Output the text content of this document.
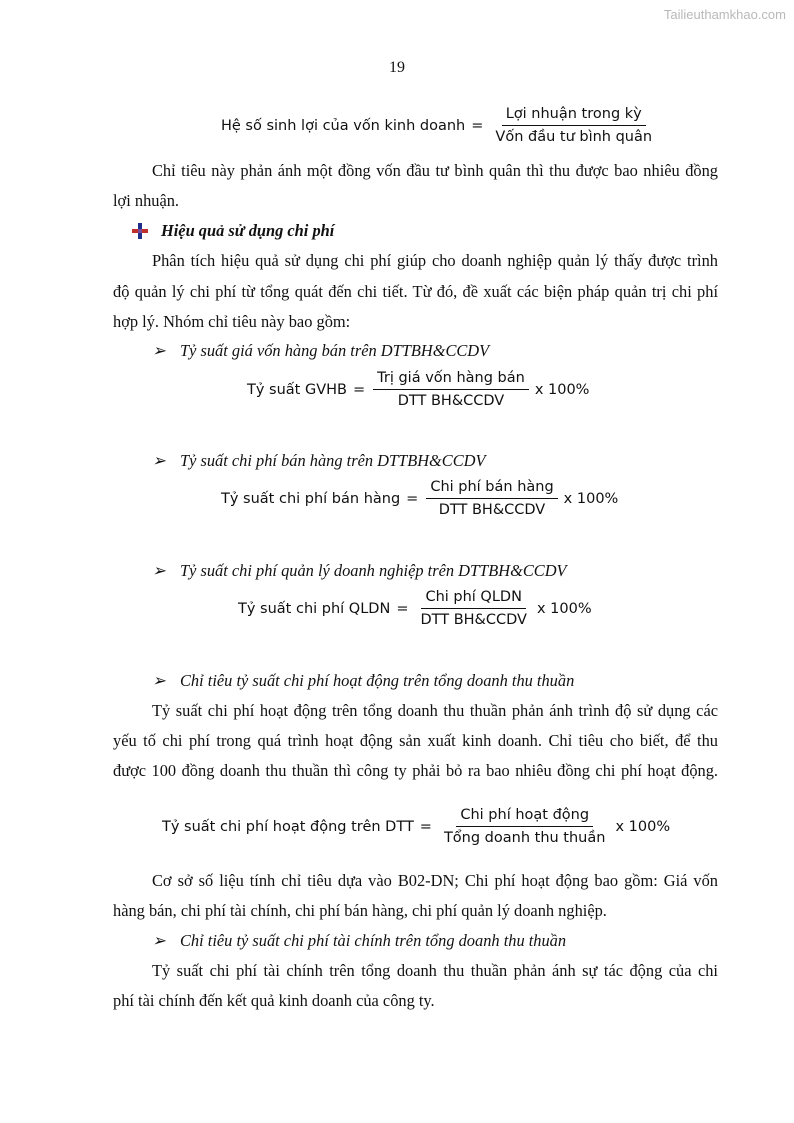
Tailieuthamkhao.com
19
Hệ số sinh lợi của vốn kinh doanh = $\frac{\text{Lợi nhuận trong kỳ}}{\text{Vốn đầu tư bình quân}}$
Chỉ tiêu này phản ánh một đồng vốn đầu tư bình quân thì thu được bao nhiêu đồng
lợi nhuận.
Hiệu quả sử dụng chi phí
Phân tích hiệu quả sử dụng chi phí giúp cho doanh nghiệp quản lý thấy được trình
độ quản lý chi phí từ tổng quát đến chi tiết. Từ đó, đề xuất các biện pháp quản trị chi phí
hợp lý. Nhóm chỉ tiêu này bao gồm:
➢ Tỷ suất giá vốn hàng bán trên DTTBH&CCDV
Tỷ suất GVHB = $\frac{\text{Trị giá vốn hàng bán}}{\text{DTT BH\&CCDV}}$ x 100%
➢ Tỷ suất chi phí bán hàng trên DTTBH&CCDV
Tỷ suất chi phí bán hàng = $\frac{\text{Chi phí bán hàng}}{\text{DTT BH\&CCDV}}$ x 100%
➢ Tỷ suất chi phí quản lý doanh nghiệp trên DTTBH&CCDV
Tỷ suất chi phí QLDN = $\frac{\text{Chi phí QLDN}}{\text{DTT BH\&CCDV}}$ x 100%
➢ Chỉ tiêu tỷ suất chi phí hoạt động trên tổng doanh thu thuần
Tỷ suất chi phí hoạt động trên tổng doanh thu thuần phản ánh trình độ sử dụng các
yếu tố chi phí trong quá trình hoạt động sản xuất kinh doanh. Chỉ tiêu cho biết, để thu
được 100 đồng doanh thu thuần thì công ty phải bỏ ra bao nhiêu đồng chi phí hoạt động.
Tỷ suất chi phí hoạt động trên DTT = $\frac{\text{Chi phí hoạt động}}{\text{Tổng doanh thu thuần}}$ x 100%
Cơ sở số liệu tính chỉ tiêu dựa vào B02-DN; Chi phí hoạt động bao gồm: Giá vốn
hàng bán, chi phí tài chính, chi phí bán hàng, chi phí quản lý doanh nghiệp.
➢ Chỉ tiêu tỷ suất chi phí tài chính trên tổng doanh thu thuần
Tỷ suất chi phí tài chính trên tổng doanh thu thuần phản ánh sự tác động của chi
phí tài chính đến kết quả kinh doanh của công ty.
